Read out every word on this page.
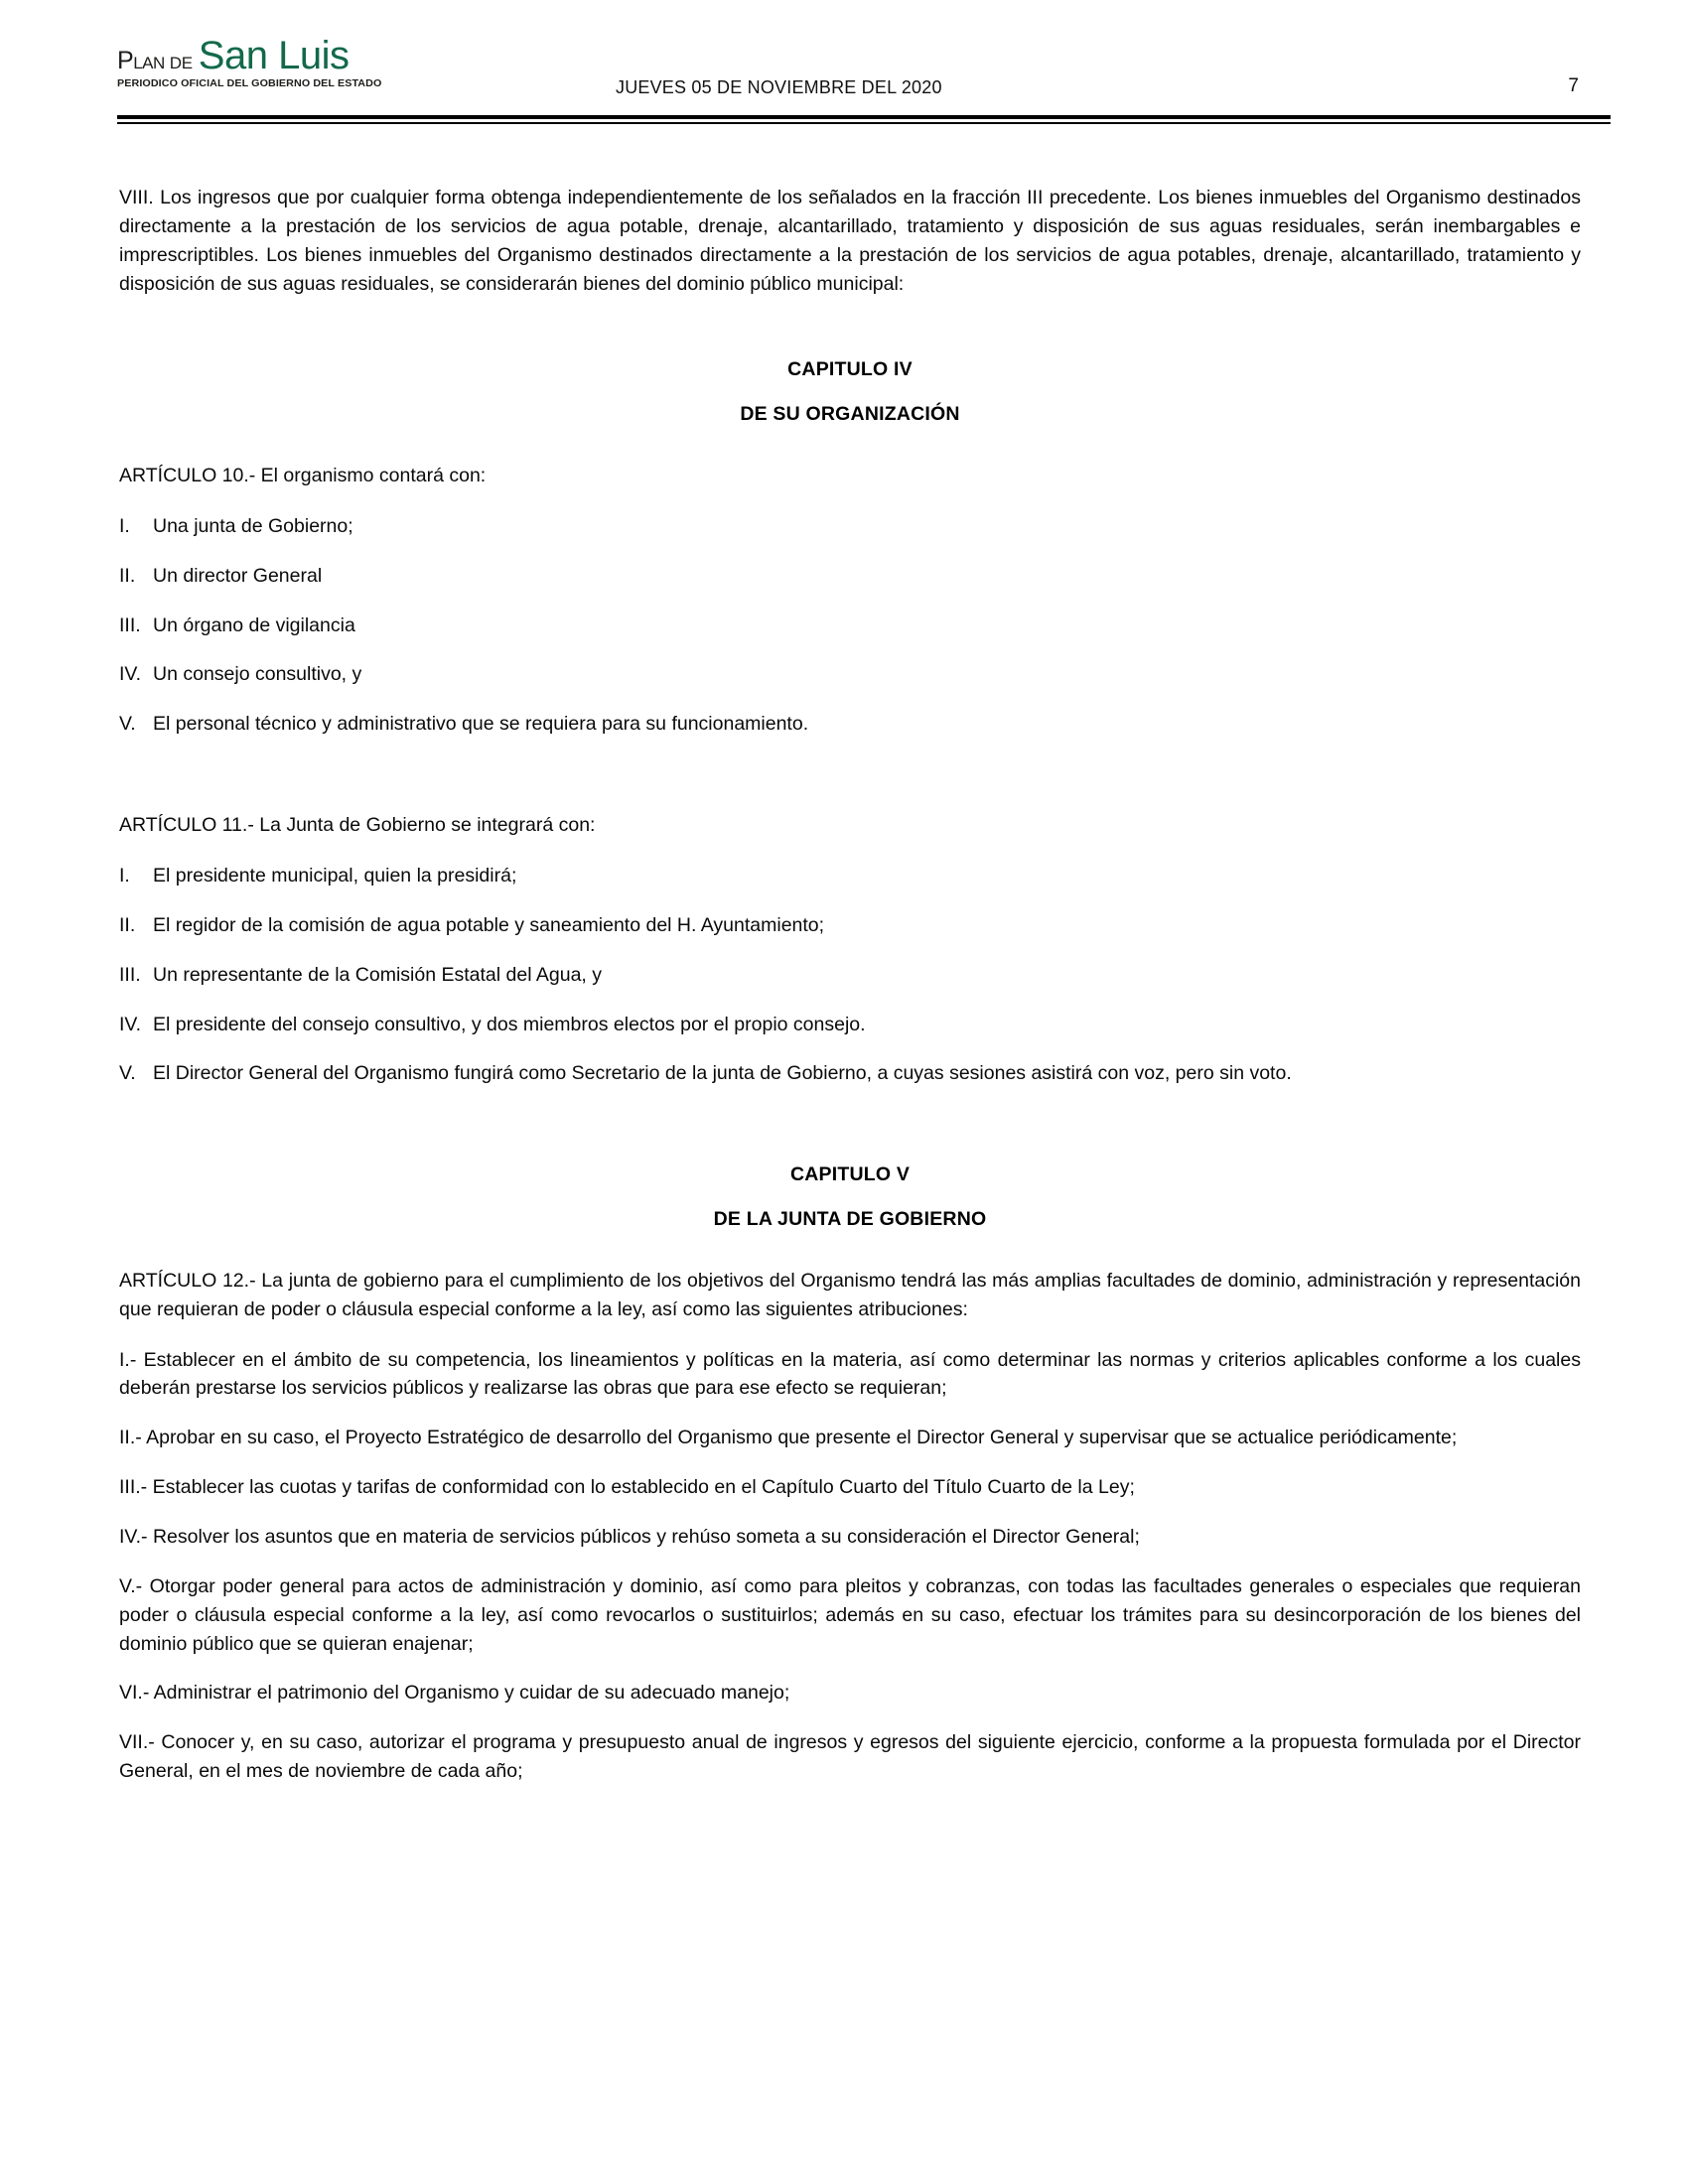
PLAN DE San Luis
PERIODICO OFICIAL DEL GOBIERNO DEL ESTADO	JUEVES 05 DE NOVIEMBRE DEL 2020	7

VIII. Los ingresos que por cualquier forma obtenga independientemente de los señalados en la fracción III precedente. Los bienes inmuebles del Organismo destinados directamente a la prestación de los servicios de agua potable, drenaje, alcantarillado, tratamiento y disposición de sus aguas residuales, serán inembargables e imprescriptibles. Los bienes inmuebles del Organismo destinados directamente a la prestación de los servicios de agua potables, drenaje, alcantarillado, tratamiento y disposición de sus aguas residuales, se considerarán bienes del dominio público municipal:

CAPITULO IV

DE SU ORGANIZACIÓN

ARTÍCULO 10.- El organismo contará con:

I. Una junta de Gobierno;

II. Un director General

III. Un órgano de vigilancia

IV. Un consejo consultivo, y

V. El personal técnico y administrativo que se requiera para su funcionamiento.

ARTÍCULO 11.- La Junta de Gobierno se integrará con:

I. El presidente municipal, quien la presidirá;

II. El regidor de la comisión de agua potable y saneamiento del H. Ayuntamiento;

III. Un representante de la Comisión Estatal del Agua, y

IV. El presidente del consejo consultivo, y dos miembros electos por el propio consejo.

V. El Director General del Organismo fungirá como Secretario de la junta de Gobierno, a cuyas sesiones asistirá con voz, pero sin voto.

CAPITULO V

DE LA JUNTA DE GOBIERNO

ARTÍCULO 12.- La junta de gobierno para el cumplimiento de los objetivos del Organismo tendrá las más amplias facultades de dominio, administración y representación que requieran de poder o cláusula especial conforme a la ley, así como las siguientes atribuciones:

I.- Establecer en el ámbito de su competencia, los lineamientos y políticas en la materia, así como determinar las normas y criterios aplicables conforme a los cuales deberán prestarse los servicios públicos y realizarse las obras que para ese efecto se requieran;

II.- Aprobar en su caso, el Proyecto Estratégico de desarrollo del Organismo que presente el Director General y supervisar que se actualice periódicamente;

III.- Establecer las cuotas y tarifas de conformidad con lo establecido en el Capítulo Cuarto del Título Cuarto de la Ley;

IV.- Resolver los asuntos que en materia de servicios públicos y rehúso someta a su consideración el Director General;

V.- Otorgar poder general para actos de administración y dominio, así como para pleitos y cobranzas, con todas las facultades generales o especiales que requieran poder o cláusula especial conforme a la ley, así como revocarlos o sustituirlos; además en su caso, efectuar los trámites para su desincorporación de los bienes del dominio público que se quieran enajenar;

VI.- Administrar el patrimonio del Organismo y cuidar de su adecuado manejo;

VII.- Conocer y, en su caso, autorizar el programa y presupuesto anual de ingresos y egresos del siguiente ejercicio, conforme a la propuesta formulada por el Director General, en el mes de noviembre de cada año;
